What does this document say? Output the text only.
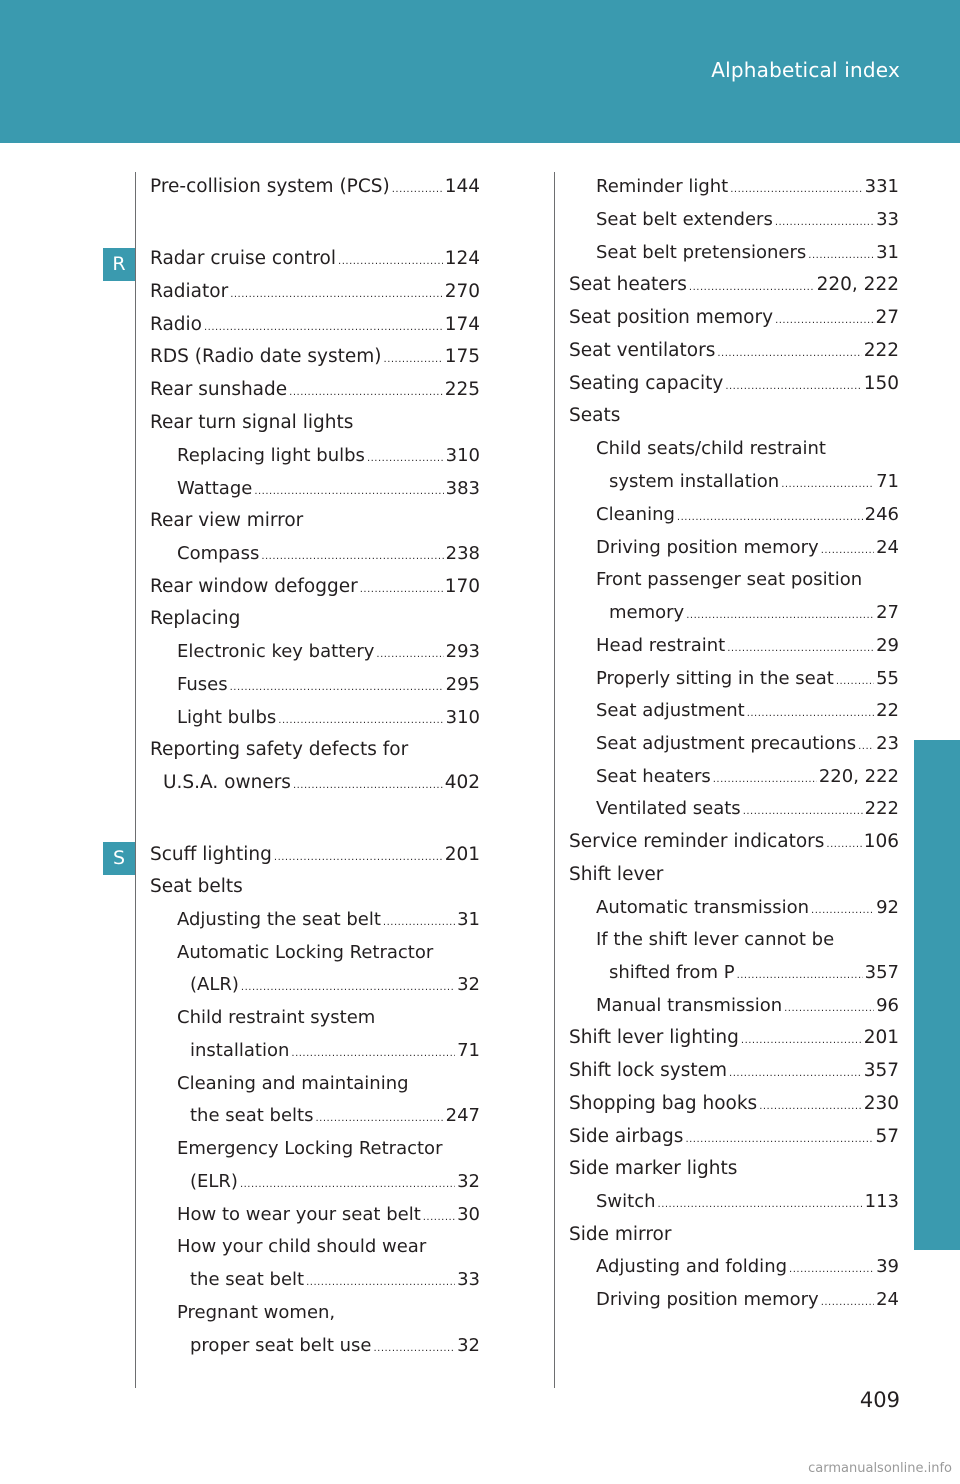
Alphabetical index
R
S
Pre-collision system (PCS) .....	144
Radar cruise control .....	124
Radiator .....	270
Radio .....	174
RDS (Radio date system) .....	175
Rear sunshade .....	225
Rear turn signal lights
Replacing light bulbs .....	310
Wattage .....	383
Rear view mirror
Compass .....	238
Rear window defogger .....	170
Replacing
Electronic key battery .....	293
Fuses .....	295
Light bulbs .....	310
Reporting safety defects for
U.S.A. owners .....	402
Scuff lighting .....	201
Seat belts
Adjusting the seat belt .....	31
Automatic Locking Retractor
(ALR) .....	32
Child restraint system
installation .....	71
Cleaning and maintaining
the seat belts .....	247
Emergency Locking Retractor
(ELR) .....	32
How to wear your seat belt ..... 30
How your child should wear
the seat belt .....	33
Pregnant women,
proper seat belt use .....	32
Reminder light .....	331
Seat belt extenders .....	33
Seat belt pretensioners .....	31
Seat heaters .....	220, 222
Seat position memory .....	27
Seat ventilators .....	222
Seating capacity .....	150
Seats
Child seats/child restraint
system installation .....	71
Cleaning .....	246
Driving position memory .....	24
Front passenger seat position
memory .....	27
Head restraint .....	29
Properly sitting in the seat ..... 55
Seat adjustment .....	22
Seat adjustment precautions ..... 23
Seat heaters .....	220, 222
Ventilated seats .....	222
Service reminder indicators ..... 106
Shift lever
Automatic transmission .....	92
If the shift lever cannot be
shifted from P .....	357
Manual transmission .....	96
Shift lever lighting .....	201
Shift lock system .....	357
Shopping bag hooks .....	230
Side airbags .....	57
Side marker lights
Switch .....	113
Side mirror
Adjusting and folding .....	39
Driving position memory .....	24
409
carmanualsonline.info
